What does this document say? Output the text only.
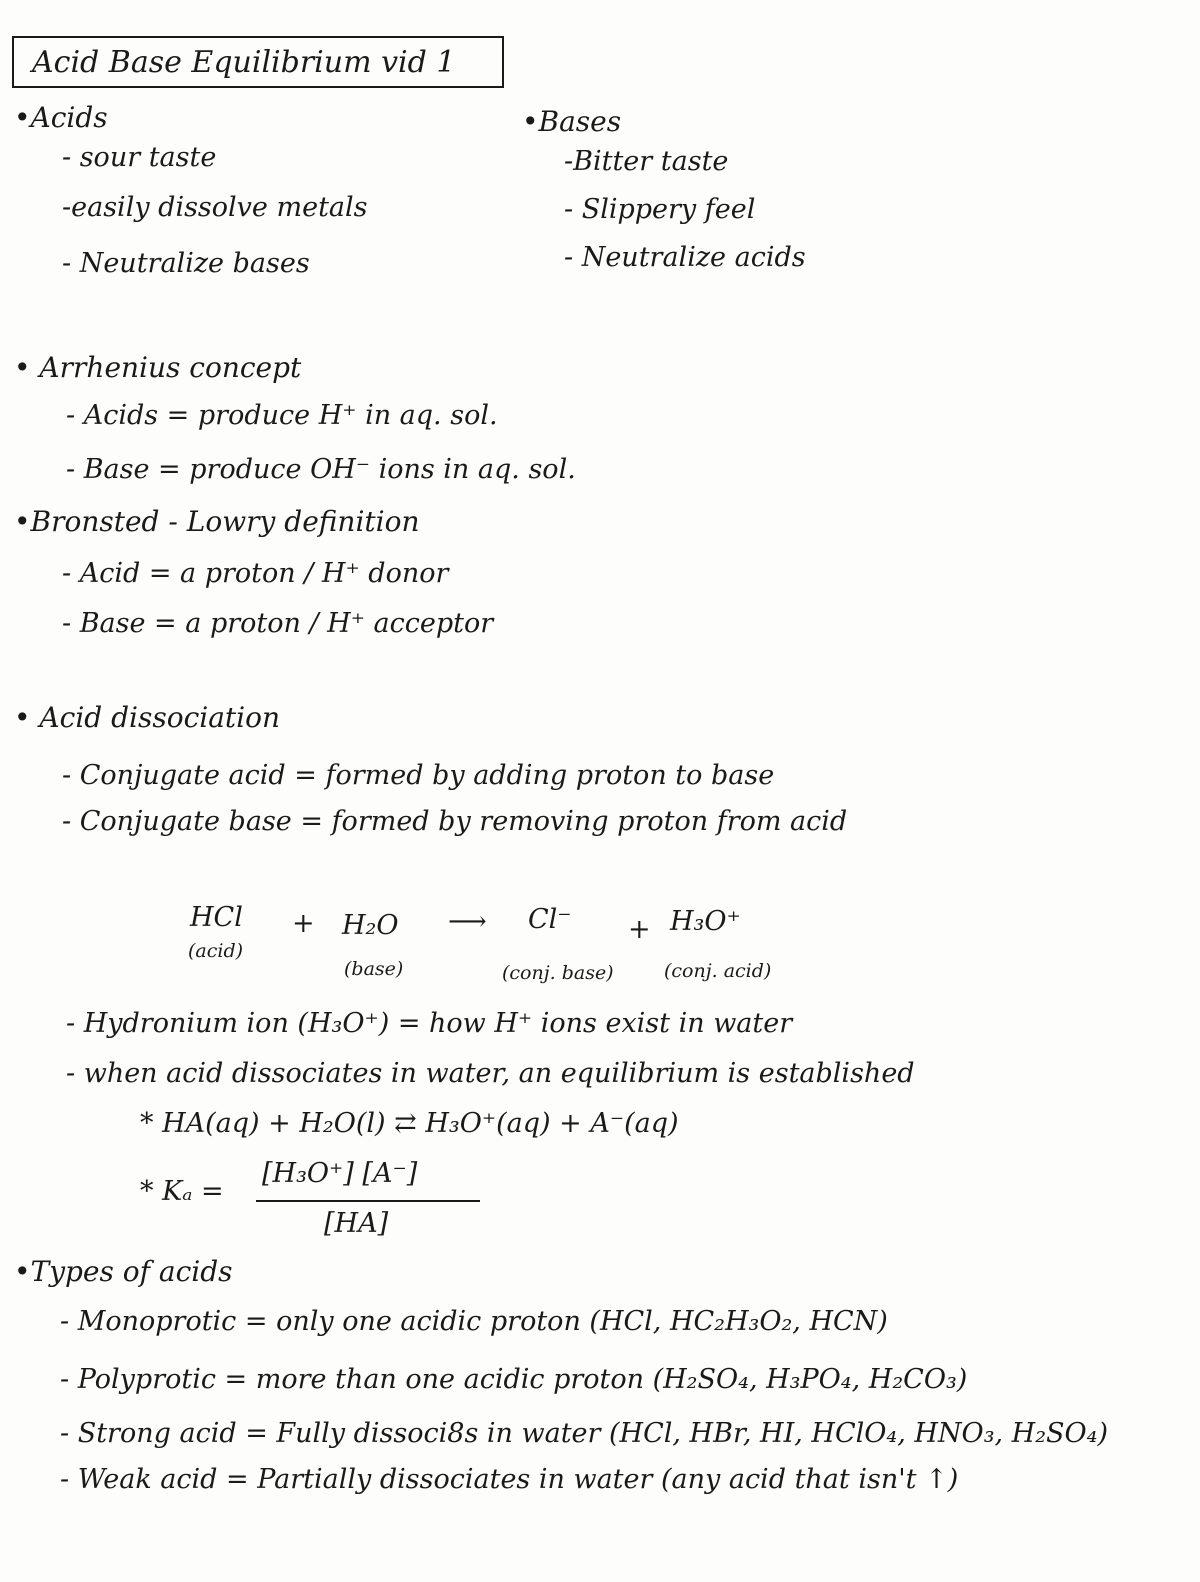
Acid Base Equilibrium vid 1
•Acids
- sour taste
-easily dissolve metals
- Neutralize bases
•Bases
-Bitter taste
- Slippery feel
- Neutralize acids
• Arrhenius concept
- Acids = produce H⁺ in aq. sol.
- Base = produce OH⁻ ions in aq. sol.
•Bronsted - Lowry definition
- Acid = a proton / H⁺ donor
- Base = a proton / H⁺ acceptor
• Acid dissociation
- Conjugate acid = formed by adding proton to base
- Conjugate base = formed by removing proton from acid
HCl + H₂O ⟶ Cl⁻ + H₃O⁺
(acid)
(base)	(conj. base)	(conj. acid)
- Hydronium ion (H₃O⁺) = how H⁺ ions exist in water
- when acid dissociates in water, an equilibrium is established
* HA(aq) + H₂O(l) ⇄ H₃O⁺(aq) + A⁻(aq)
* Kₐ =
[H₃O⁺] [A⁻]
[HA]
•Types of acids
- Monoprotic = only one acidic proton (HCl, HC₂H₃O₂, HCN)
- Polyprotic = more than one acidic proton (H₂SO₄, H₃PO₄, H₂CO₃)
- Strong acid = Fully dissoci8s in water (HCl, HBr, HI, HClO₄, HNO₃, H₂SO₄)
- Weak acid = Partially dissociates in water (any acid that isn't ↑)
